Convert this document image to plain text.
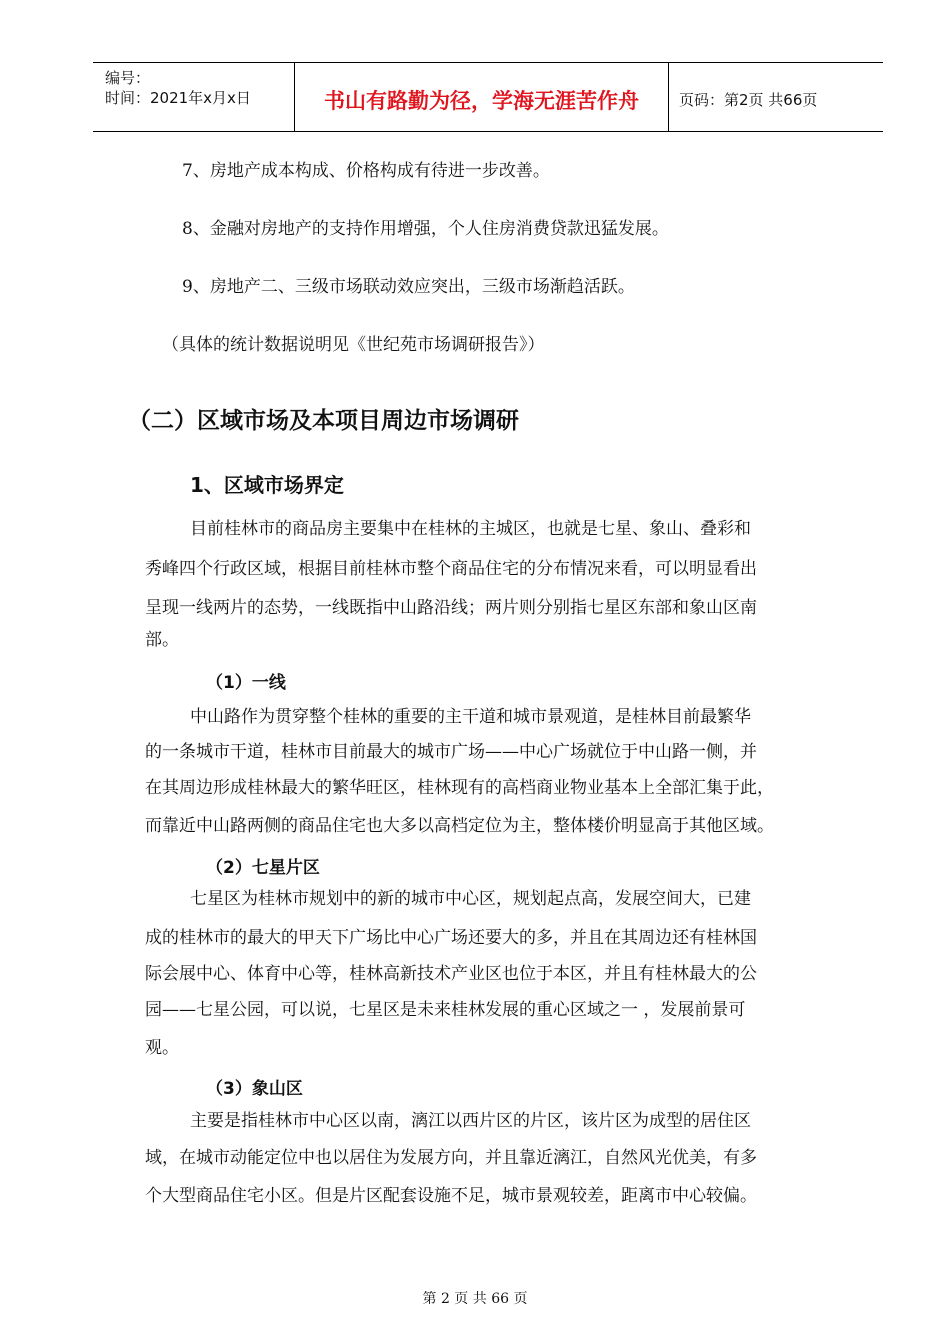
编号：
时间：2021年x月x日	书山有路勤为径，学海无涯苦作舟	页码：第2页 共66页
7、房地产成本构成、价格构成有待进一步改善。
8、金融对房地产的支持作用增强，个人住房消费贷款迅猛发展。
9、房地产二、三级市场联动效应突出，三级市场渐趋活跃。
（具体的统计数据说明见《世纪苑市场调研报告》）
（二）区域市场及本项目周边市场调研
1、区域市场界定
目前桂林市的商品房主要集中在桂林的主城区，也就是七星、象山、叠彩和
秀峰四个行政区域，根据目前桂林市整个商品住宅的分布情况来看，可以明显看出
呈现一线两片的态势，一线既指中山路沿线；两片则分别指七星区东部和象山区南
部。
（1）一线
中山路作为贯穿整个桂林的重要的主干道和城市景观道，是桂林目前最繁华
的一条城市干道，桂林市目前最大的城市广场——中心广场就位于中山路一侧，并
在其周边形成桂林最大的繁华旺区，桂林现有的高档商业物业基本上全部汇集于此，
而靠近中山路两侧的商品住宅也大多以高档定位为主，整体楼价明显高于其他区域。
（2）七星片区
七星区为桂林市规划中的新的城市中心区，规划起点高，发展空间大，已建
成的桂林市的最大的甲天下广场比中心广场还要大的多，并且在其周边还有桂林国
际会展中心、体育中心等，桂林高新技术产业区也位于本区，并且有桂林最大的公
园——七星公园，可以说，七星区是未来桂林发展的重心区域之一 ，发展前景可
观。
（3）象山区
主要是指桂林市中心区以南，漓江以西片区的片区，该片区为成型的居住区
域，在城市动能定位中也以居住为发展方向，并且靠近漓江，自然风光优美，有多
个大型商品住宅小区。但是片区配套设施不足，城市景观较差，距离市中心较偏。
第 2 页 共 66 页
